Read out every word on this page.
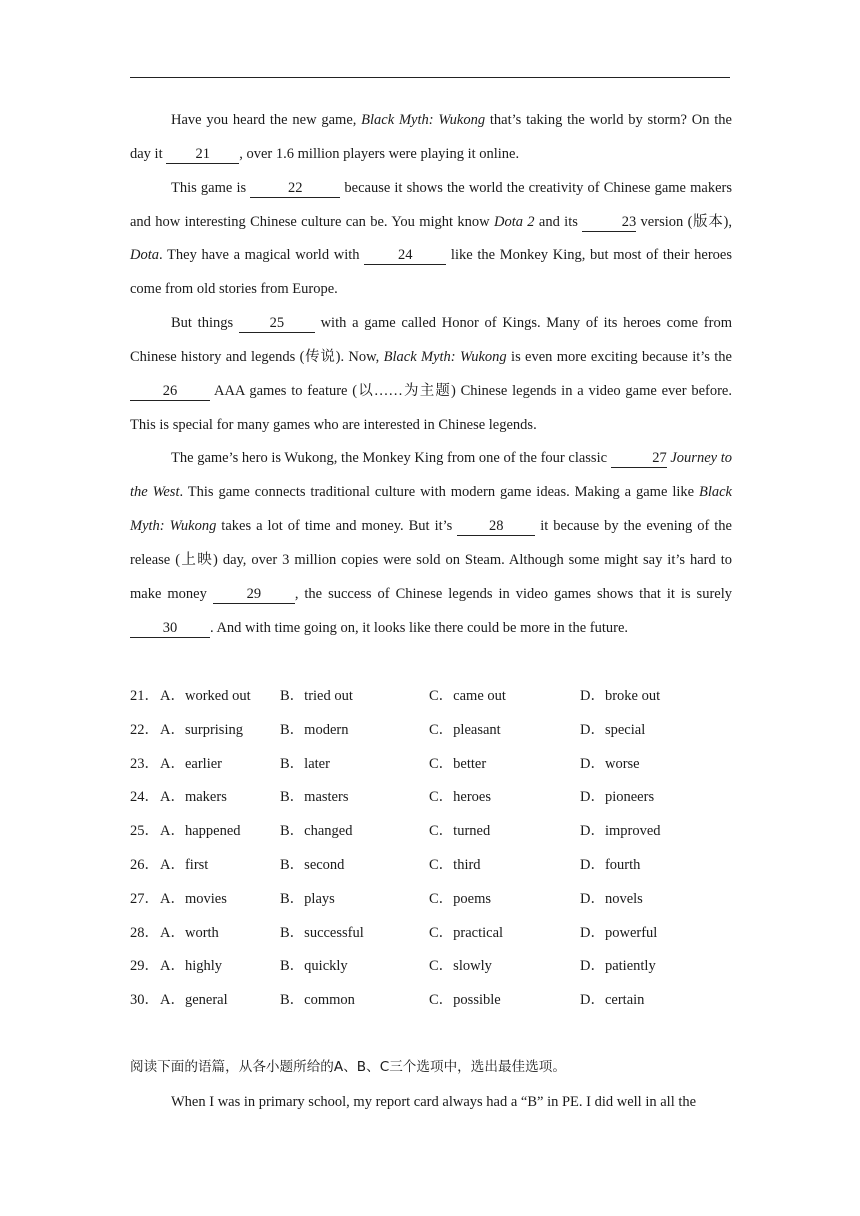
Have you heard the new game, Black Myth: Wukong that’s taking the world by storm? On the day it 21 , over 1.6 million players were playing it online.

This game is	22	because it shows the world the creativity of Chinese game makers and how interesting Chinese culture can be. You might know Dota 2 and its	23 version (版本), Dota. They have a magical world with 24 like the Monkey King, but most of their heroes come from old stories from Europe.

But things 25 with a game called Honor of Kings. Many of its heroes come from Chinese history and legends (传说). Now, Black Myth: Wukong is even more exciting because it’s the 26 AAA games to feature (以……为主题) Chinese legends in a video game ever before. This is special for many games who are interested in Chinese legends.

The game’s hero is Wukong, the Monkey King from one of the four classic	27 Journey to the West. This game connects traditional culture with modern game ideas. Making a game like Black Myth: Wukong takes a lot of time and money. But it’s 28 it because by the evening of the release (上映) day, over 3 million copies were sold on Steam. Although some might say it’s hard to make money 29 , the success of Chinese legends in video games shows that it is surely 30 . And with time going on, it looks like there could be more in the future.

21． A．worked out B．tried out	C．came out	D．broke out
22． A．surprising	B．modern	C．pleasant	D．special
23． A．earlier	B．later	C．better	D．worse
24． A．makers	B．masters	C．heroes	D．pioneers
25． A．happened	B．changed	C．turned	D．improved
26． A．first	B．second	C．third	D．fourth
27． A．movies	B．plays	C．poems	D．novels
28． A．worth	B．successful	C．practical	D．powerful
29． A．highly	B．quickly	C．slowly	D．patiently
30． A．general	B．common	C．possible	D．certain
阅读下面的语篇，从各小题所给的A、B、C三个选项中，选出最佳选项。
When I was in primary school, my report card always had a “B” in PE. I did well in all the
